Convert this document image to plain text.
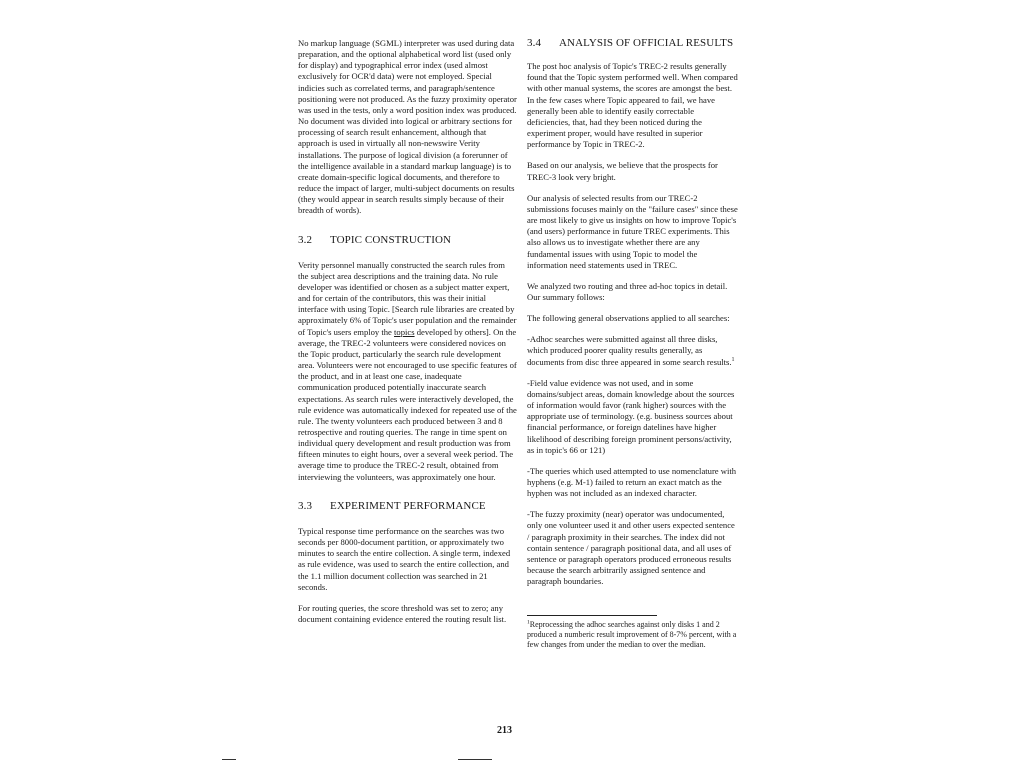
No markup language (SGML) interpreter was used during data preparation, and the optional alphabetical word list (used only for display) and typographical error index (used almost exclusively for OCR'd data) were not employed. Special indicies such as correlated terms, and paragraph/sentence positioning were not produced. As the fuzzy proximity operator was used in the tests, only a word position index was produced. No document was divided into logical or arbitrary sections for processing of search result enhancement, although that approach is used in virtually all non-newswire Verity installations. The purpose of logical division (a forerunner of the intelligence available in a standard markup language) is to create domain-specific logical documents, and therefore to reduce the impact of larger, multi-subject documents on results (they would appear in search results simply because of their breadth of words).

3.2	TOPIC CONSTRUCTION

Verity personnel manually constructed the search rules from the subject area descriptions and the training data. No rule developer was identified or chosen as a subject matter expert, and for certain of the contributors, this was their initial interface with using Topic. [Search rule libraries are created by approximately 6% of Topic's user population and the remainder of Topic's users employ the topics developed by others]. On the average, the TREC-2 volunteers were considered novices on the Topic product, particularly the search rule development area. Volunteers were not encouraged to use specific features of the product, and in at least one case, inadequate communication produced potentially inaccurate search expectations. As search rules were interactively developed, the rule evidence was automatically indexed for repeated use of the rule. The twenty volunteers each produced between 3 and 8 retrospective and routing queries. The range in time spent on individual query development and result production was from fifteen minutes to eight hours, over a several week period. The average time to produce the TREC-2 result, obtained from interviewing the volunteers, was approximately one hour.

3.3	EXPERIMENT PERFORMANCE

Typical response time performance on the searches was two seconds per 8000-document partition, or approximately two minutes to search the entire collection. A single term, indexed as rule evidence, was used to search the entire collection, and the 1.1 million document collection was searched in 21 seconds.

For routing queries, the score threshold was set to zero; any document containing evidence entered the routing result list.

3.4	ANALYSIS OF OFFICIAL RESULTS

The post hoc analysis of Topic's TREC-2 results generally found that the Topic system performed well. When compared with other manual systems, the scores are amongst the best. In the few cases where Topic appeared to fail, we have generally been able to identify easily correctable deficiencies, that, had they been noticed during the experiment proper, would have resulted in superior performance by Topic in TREC-2.

Based on our analysis, we believe that the prospects for TREC-3 look very bright.

Our analysis of selected results from our TREC-2 submissions focuses mainly on the "failure cases" since these are most likely to give us insights on how to improve Topic's (and users) performance in future TREC experiments. This also allows us to investigate whether there are any fundamental issues with using Topic to model the information need statements used in TREC.

We analyzed two routing and three ad-hoc topics in detail. Our summary follows:

The following general observations applied to all searches:

-Adhoc searches were submitted against all three disks, which produced poorer quality results generally, as documents from disc three appeared in some search results.$^1$

-Field value evidence was not used, and in some domains/subject areas, domain knowledge about the sources of information would favor (rank higher) sources with the appropriate use of terminology. (e.g. business sources about financial performance, or foreign datelines have higher likelihood of describing foreign prominent persons/activity, as in topic's 66 or 121)

-The queries which used attempted to use nomenclature with hyphens (e.g. M-1) failed to return an exact match as the hyphen was not included as an indexed character.

-The fuzzy proximity (near) operator was undocumented, only one volunteer used it and other users expected sentence / paragraph proximity in their searches. The index did not contain sentence / paragraph positional data, and all uses of sentence or paragraph operators produced erroneous results because the search arbitrarily assigned sentence and paragraph boundaries.

$^1$Reprocessing the adhoc searches against only disks 1 and 2 produced a numberic result improvement of 8-7% percent, with a few changes from under the median to over the median.

213
